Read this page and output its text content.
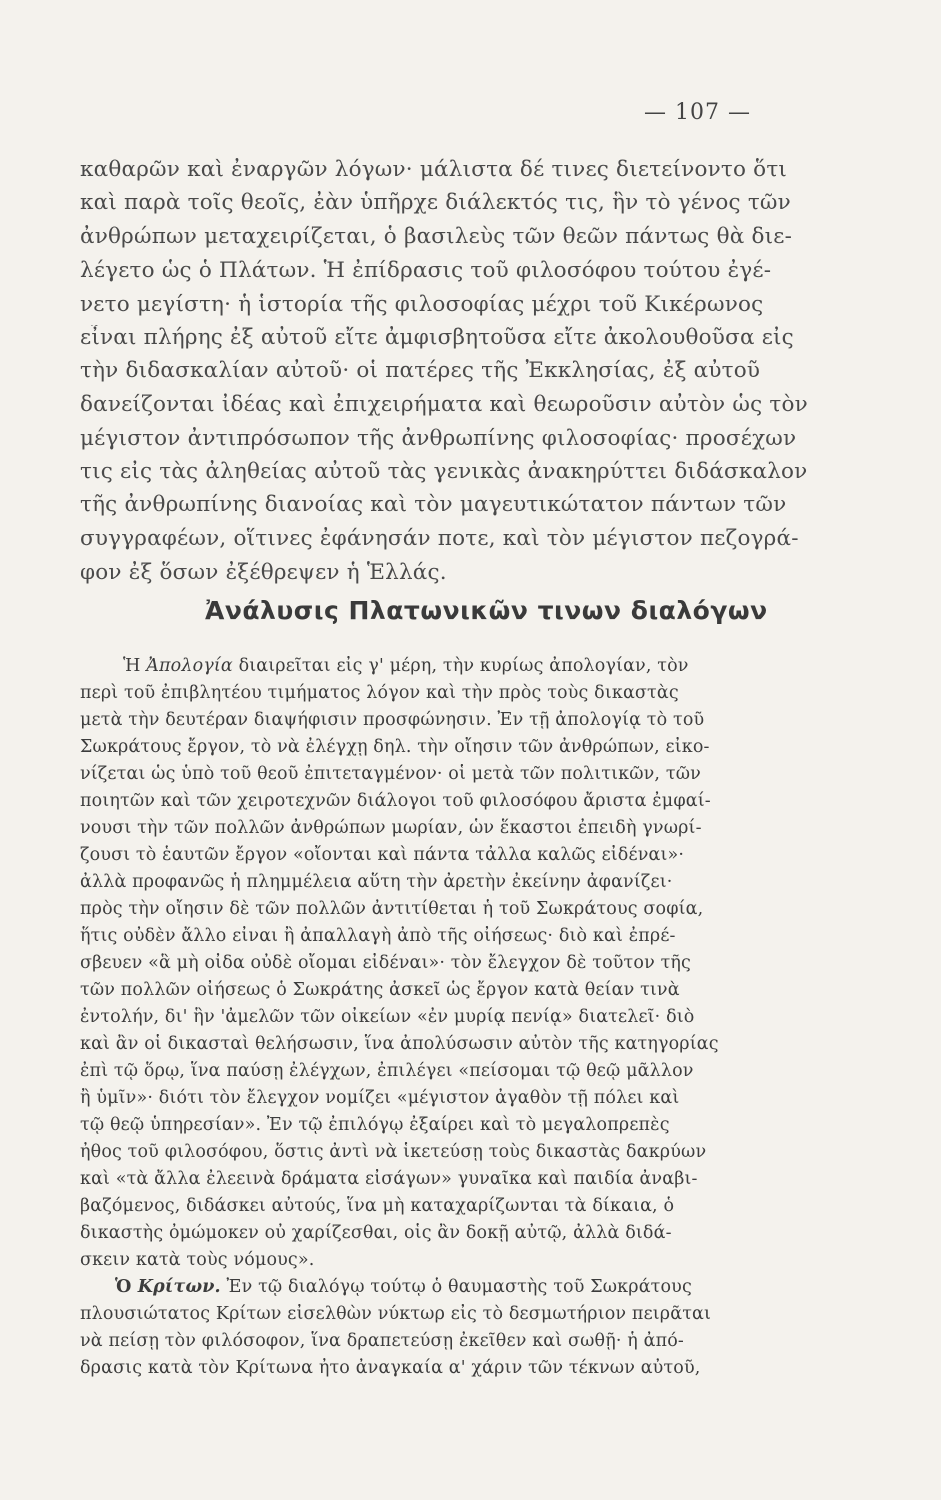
— 107 —
καθαρῶν καὶ ἐναργῶν λόγων· μάλιστα δέ τινες διετείνοντο ὅτι
καὶ παρὰ τοῖς θεοῖς, ἐὰν ὑπῆρχε διάλεκτός τις, ἣν τὸ γένος τῶν
ἀνθρώπων μεταχειρίζεται, ὁ βασιλεὺς τῶν θεῶν πάντως θὰ διε-
λέγετο ὡς ὁ Πλάτων. Ἡ ἐπίδρασις τοῦ φιλοσόφου τούτου ἐγέ-
νετο μεγίστη· ἡ ἱστορία τῆς φιλοσοφίας μέχρι τοῦ Κικέρωνος
εἶναι πλήρης ἐξ αὐτοῦ εἴτε ἀμφισβητοῦσα εἴτε ἀκολουθοῦσα εἰς
τὴν διδασκαλίαν αὐτοῦ· οἱ πατέρες τῆς Ἐκκλησίας, ἐξ αὐτοῦ
δανείζονται ἰδέας καὶ ἐπιχειρήματα καὶ θεωροῦσιν αὐτὸν ὡς τὸν
μέγιστον ἀντιπρόσωπον τῆς ἀνθρωπίνης φιλοσοφίας· προσέχων
τις εἰς τὰς ἀληθείας αὐτοῦ τὰς γενικὰς ἀνακηρύττει διδάσκαλον
τῆς ἀνθρωπίνης διανοίας καὶ τὸν μαγευτικώτατον πάντων τῶν
συγγραφέων, οἵτινες ἐφάνησάν ποτε, καὶ τὸν μέγιστον πεζογρά-
φον ἐξ ὅσων ἐξέθρεψεν ἡ Ἑλλάς.
Ἀνάλυσις Πλατωνικῶν τινων διαλόγων
Ἡ Ἀπολογία διαιρεῖται εἰς γ' μέρη, τὴν κυρίως ἀπολογίαν, τὸν
περὶ τοῦ ἐπιβλητέου τιμήματος λόγον καὶ τὴν πρὸς τοὺς δικαστὰς
μετὰ τὴν δευτέραν διαψήφισιν προσφώνησιν. Ἐν τῇ ἀπολογίᾳ τὸ τοῦ
Σωκράτους ἔργον, τὸ νὰ ἐλέγχῃ δηλ. τὴν οἴησιν τῶν ἀνθρώπων, εἰκο-
νίζεται ὡς ὑπὸ τοῦ θεοῦ ἐπιτεταγμένον· οἱ μετὰ τῶν πολιτικῶν, τῶν
ποιητῶν καὶ τῶν χειροτεχνῶν διάλογοι τοῦ φιλοσόφου ἄριστα ἐμφαί-
νουσι τὴν τῶν πολλῶν ἀνθρώπων μωρίαν, ὧν ἕκαστοι ἐπειδὴ γνωρί-
ζουσι τὸ ἑαυτῶν ἔργον «οἴονται καὶ πάντα τἆλλα καλῶς εἰδέναι»·
ἀλλὰ προφανῶς ἡ πλημμέλεια αὕτη τὴν ἀρετὴν ἐκείνην ἀφανίζει·
πρὸς τὴν οἴησιν δὲ τῶν πολλῶν ἀντιτίθεται ἡ τοῦ Σωκράτους σοφία,
ἥτις οὐδὲν ἄλλο εἶναι ἢ ἀπαλλαγὴ ἀπὸ τῆς οἰήσεως· διὸ καὶ ἐπρέ-
σβευεν «ἃ μὴ οἶδα οὐδὲ οἴομαι εἰδέναι»· τὸν ἔλεγχον δὲ τοῦτον τῆς
τῶν πολλῶν οἰήσεως ὁ Σωκράτης ἀσκεῖ ὡς ἔργον κατὰ θείαν τινὰ
ἐντολήν, δι' ἣν 'ἀμελῶν τῶν οἰκείων «ἐν μυρίᾳ πενίᾳ» διατελεῖ· διὸ
καὶ ἂν οἱ δικασταὶ θελήσωσιν, ἵνα ἀπολύσωσιν αὐτὸν τῆς κατηγορίας
ἐπὶ τῷ ὅρῳ, ἵνα παύσῃ ἐλέγχων, ἐπιλέγει «πείσομαι τῷ θεῷ μᾶλλον
ἢ ὑμῖν»· διότι τὸν ἔλεγχον νομίζει «μέγιστον ἀγαθὸν τῇ πόλει καὶ
τῷ θεῷ ὑπηρεσίαν». Ἐν τῷ ἐπιλόγῳ ἐξαίρει καὶ τὸ μεγαλοπρεπὲς
ἦθος τοῦ φιλοσόφου, ὅστις ἀντὶ νὰ ἱκετεύσῃ τοὺς δικαστὰς δακρύων
καὶ «τὰ ἄλλα ἐλεεινὰ δράματα εἰσάγων» γυναῖκα καὶ παιδία ἀναβι-
βαζόμενος, διδάσκει αὐτούς, ἵνα μὴ καταχαρίζωνται τὰ δίκαια, ὁ
δικαστὴς ὀμώμοκεν οὐ χαρίζεσθαι, οἷς ἂν δοκῇ αὐτῷ, ἀλλὰ διδά-
σκειν κατὰ τοὺς νόμους».
Ὁ Κρίτων. Ἐν τῷ διαλόγῳ τούτῳ ὁ θαυμαστὴς τοῦ Σωκράτους
πλουσιώτατος Κρίτων εἰσελθὼν νύκτωρ εἰς τὸ δεσμωτήριον πειρᾶται
νὰ πείσῃ τὸν φιλόσοφον, ἵνα δραπετεύσῃ ἐκεῖθεν καὶ σωθῇ· ἡ ἀπό-
δρασις κατὰ τὸν Κρίτωνα ἦτο ἀναγκαία α' χάριν τῶν τέκνων αὐτοῦ,
